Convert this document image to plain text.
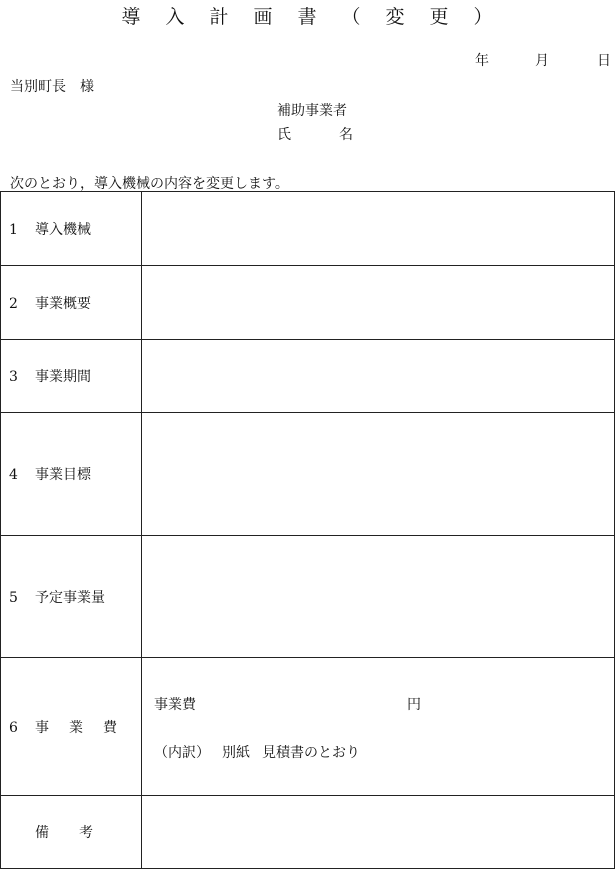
導 入 計 画 書 （ 変 更 ）
年	月	日
当別町長　様
補助事業者
氏	名
次のとおり，導入機械の内容を変更します。
1 導入機械	
2 事業概要	
3 事業期間	
4 事業目標	
5 予定事業量	
6 事 業 費	事業費 円
（内訳） 別紙 見積書のとおり

備 考	
